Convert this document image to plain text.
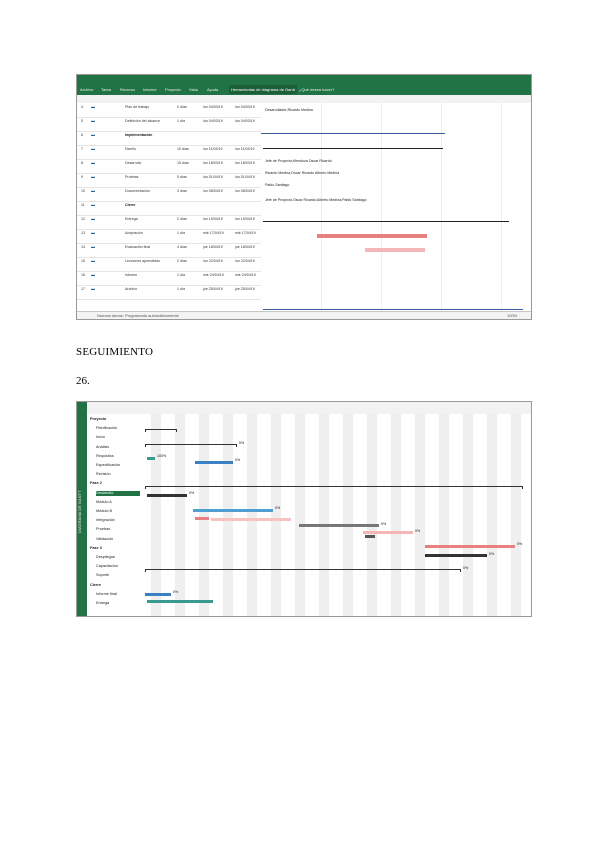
Archivo Tarea Recurso Informe Proyecto Vista Ayuda	Herramientas de diagrama de Gantt	¿Qué desea hacer?
4 ▬	Plan de trabajo	0 días	lun 04/03/19	lun 04/03/19
5 ▬	Definición del alcance	1 día	lun 04/03/19	lun 04/03/19
6 ▬	Implementación
7 ▬	Diseño	10 días	lun 11/03/19	lun 11/03/19
8 ▬	Desarrollo	15 días	lun 18/03/19	lun 18/03/19
9 ▬	Pruebas	5 días	lun 01/04/19	lun 01/04/19
10 ▬	Documentación	3 días	lun 08/04/19	lun 08/04/19
11 ▬	Cierre
12 ▬	Entrega	2 días	lun 15/04/19	lun 15/04/19
13 ▬	Aceptación	1 día	mié 17/04/19	mié 17/04/19
14 ▬	Evaluación final	4 días	jue 18/04/19	jue 18/04/19
15 ▬	Lecciones aprendidas	2 días	lun 22/04/19	lun 22/04/19
16 ▬	Informe	1 día	mié 24/04/19	mié 24/04/19
17 ▬	Archivo	1 día	jue 25/04/19	jue 25/04/19
Desarrollador;Ricardo Medina
Jefe de Proyecto;Mendoza Oscar Ricardo
Ricardo Medina;Oscar Ricardo Alberto Medina
Pablo Santiago
Jefe de Proyecto;Oscar Ricardo;Alberto Medina;Pablo Santiago
Nuevas tareas: Programada automáticamente	100%
SEGUIMIENTO
26.
DIAGRAMA DE GANTT
Proyecto
Planificación
Inicio
Análisis
Requisitos
Especificación
Revisión
Fase 2
Desarrollo
Módulo A
Módulo B
Integración
Pruebas
Validación
Fase 3
Despliegue
Capacitación
Soporte
Cierre
Informe final
Entrega
0%
100%
0%
0%
0%
0%
0%
0%
0%
0%
0%
